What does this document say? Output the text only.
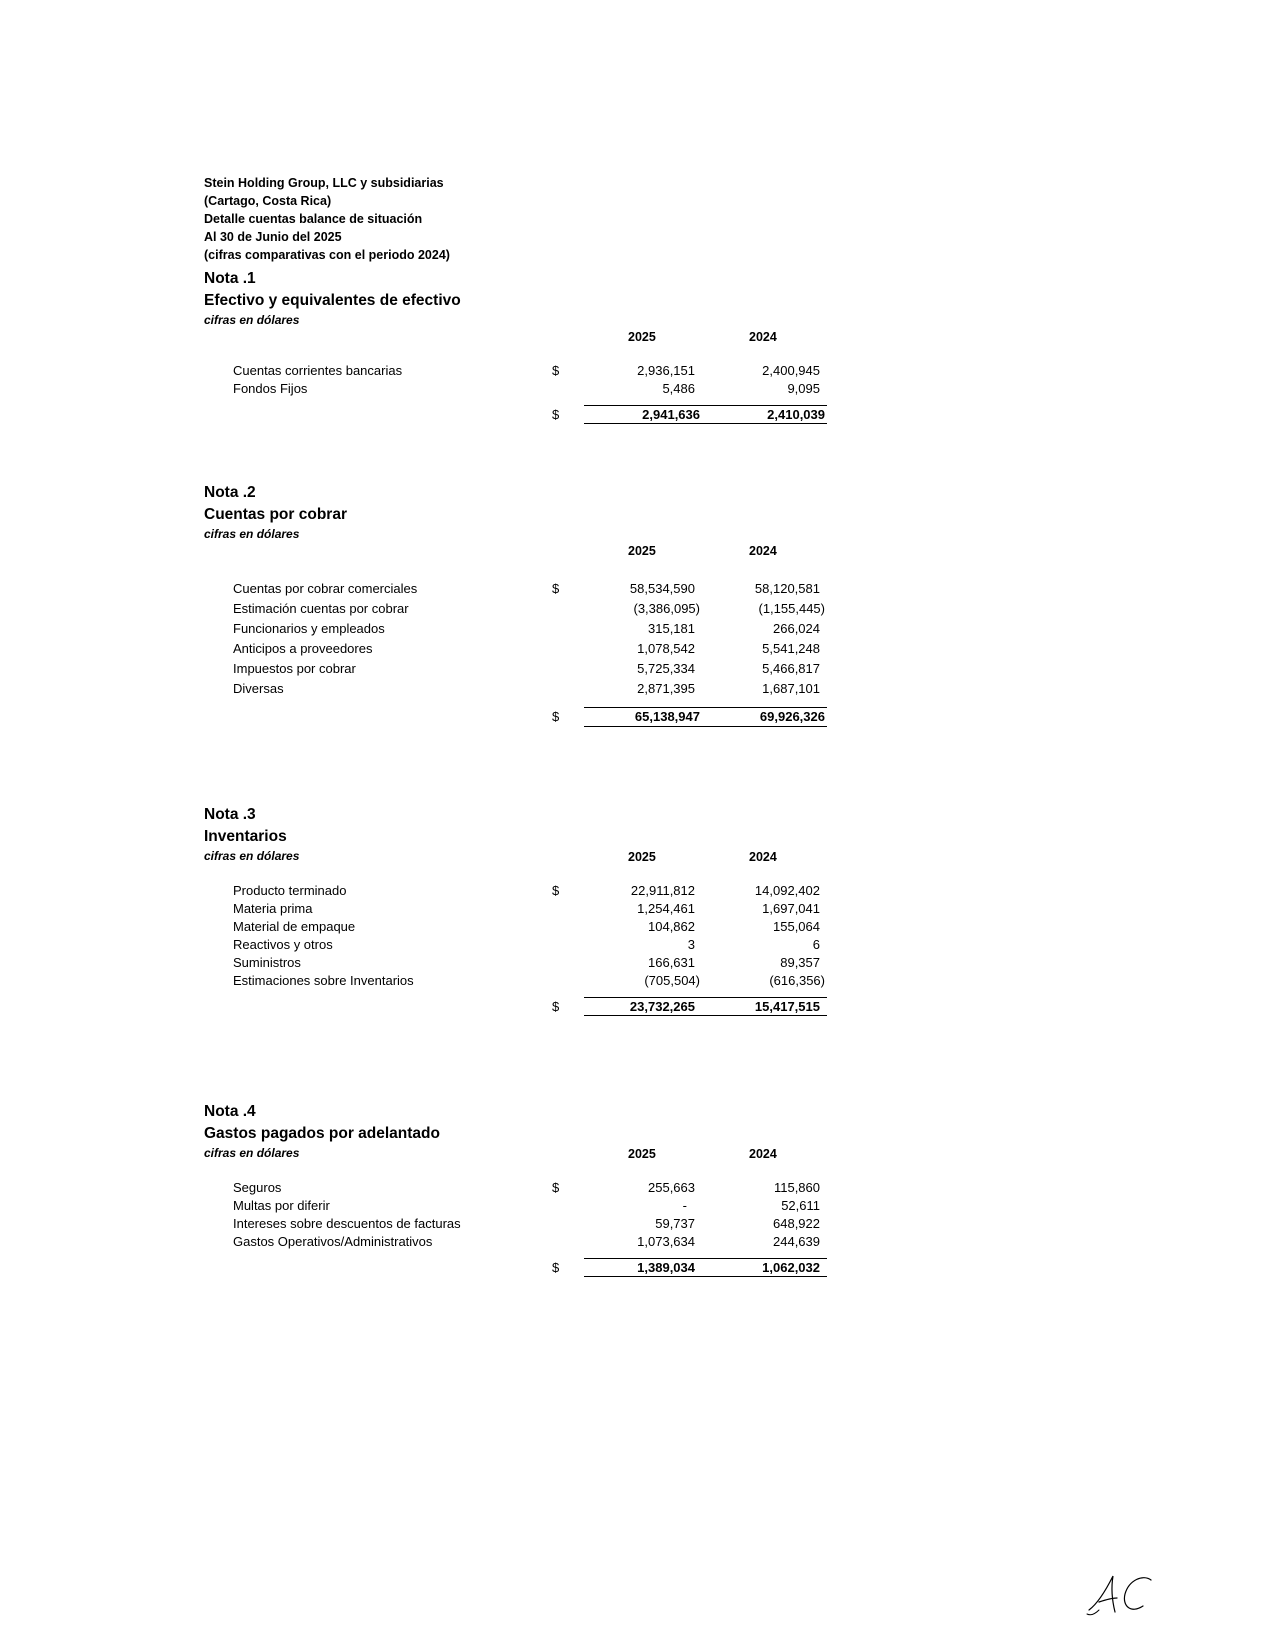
Stein Holding Group, LLC y subsidiarias
(Cartago, Costa Rica)
Detalle cuentas balance de situación
Al 30 de Junio del 2025
(cifras comparativas con el periodo 2024)
Nota .1
Efectivo y equivalentes de efectivo
cifras en dólares
2025	2024
Cuentas corrientes bancarias	$	2,936,151	2,400,945
Fondos Fijos	5,486	9,095
$	2,941,636	2,410,039
Nota .2
Cuentas por cobrar
cifras en dólares
2025	2024
Cuentas por cobrar comerciales	$	58,534,590	58,120,581
Estimación cuentas por cobrar	(3,386,095)	(1,155,445)
Funcionarios y empleados	315,181	266,024
Anticipos a proveedores	1,078,542	5,541,248
Impuestos por cobrar	5,725,334	5,466,817
Diversas	2,871,395	1,687,101
$	65,138,947	69,926,326
Nota .3
Inventarios
cifras en dólares	2025	2024
Producto terminado	$	22,911,812	14,092,402
Materia prima	1,254,461	1,697,041
Material de empaque	104,862	155,064
Reactivos y otros	3	6
Suministros	166,631	89,357
Estimaciones sobre Inventarios	(705,504)	(616,356)
$	23,732,265	15,417,515
Nota .4
Gastos pagados por adelantado
cifras en dólares	2025	2024
Seguros	$	255,663	115,860
Multas por diferir	-	52,611
Intereses sobre descuentos de facturas	59,737	648,922
Gastos Operativos/Administrativos	1,073,634	244,639
$	1,389,034	1,062,032
